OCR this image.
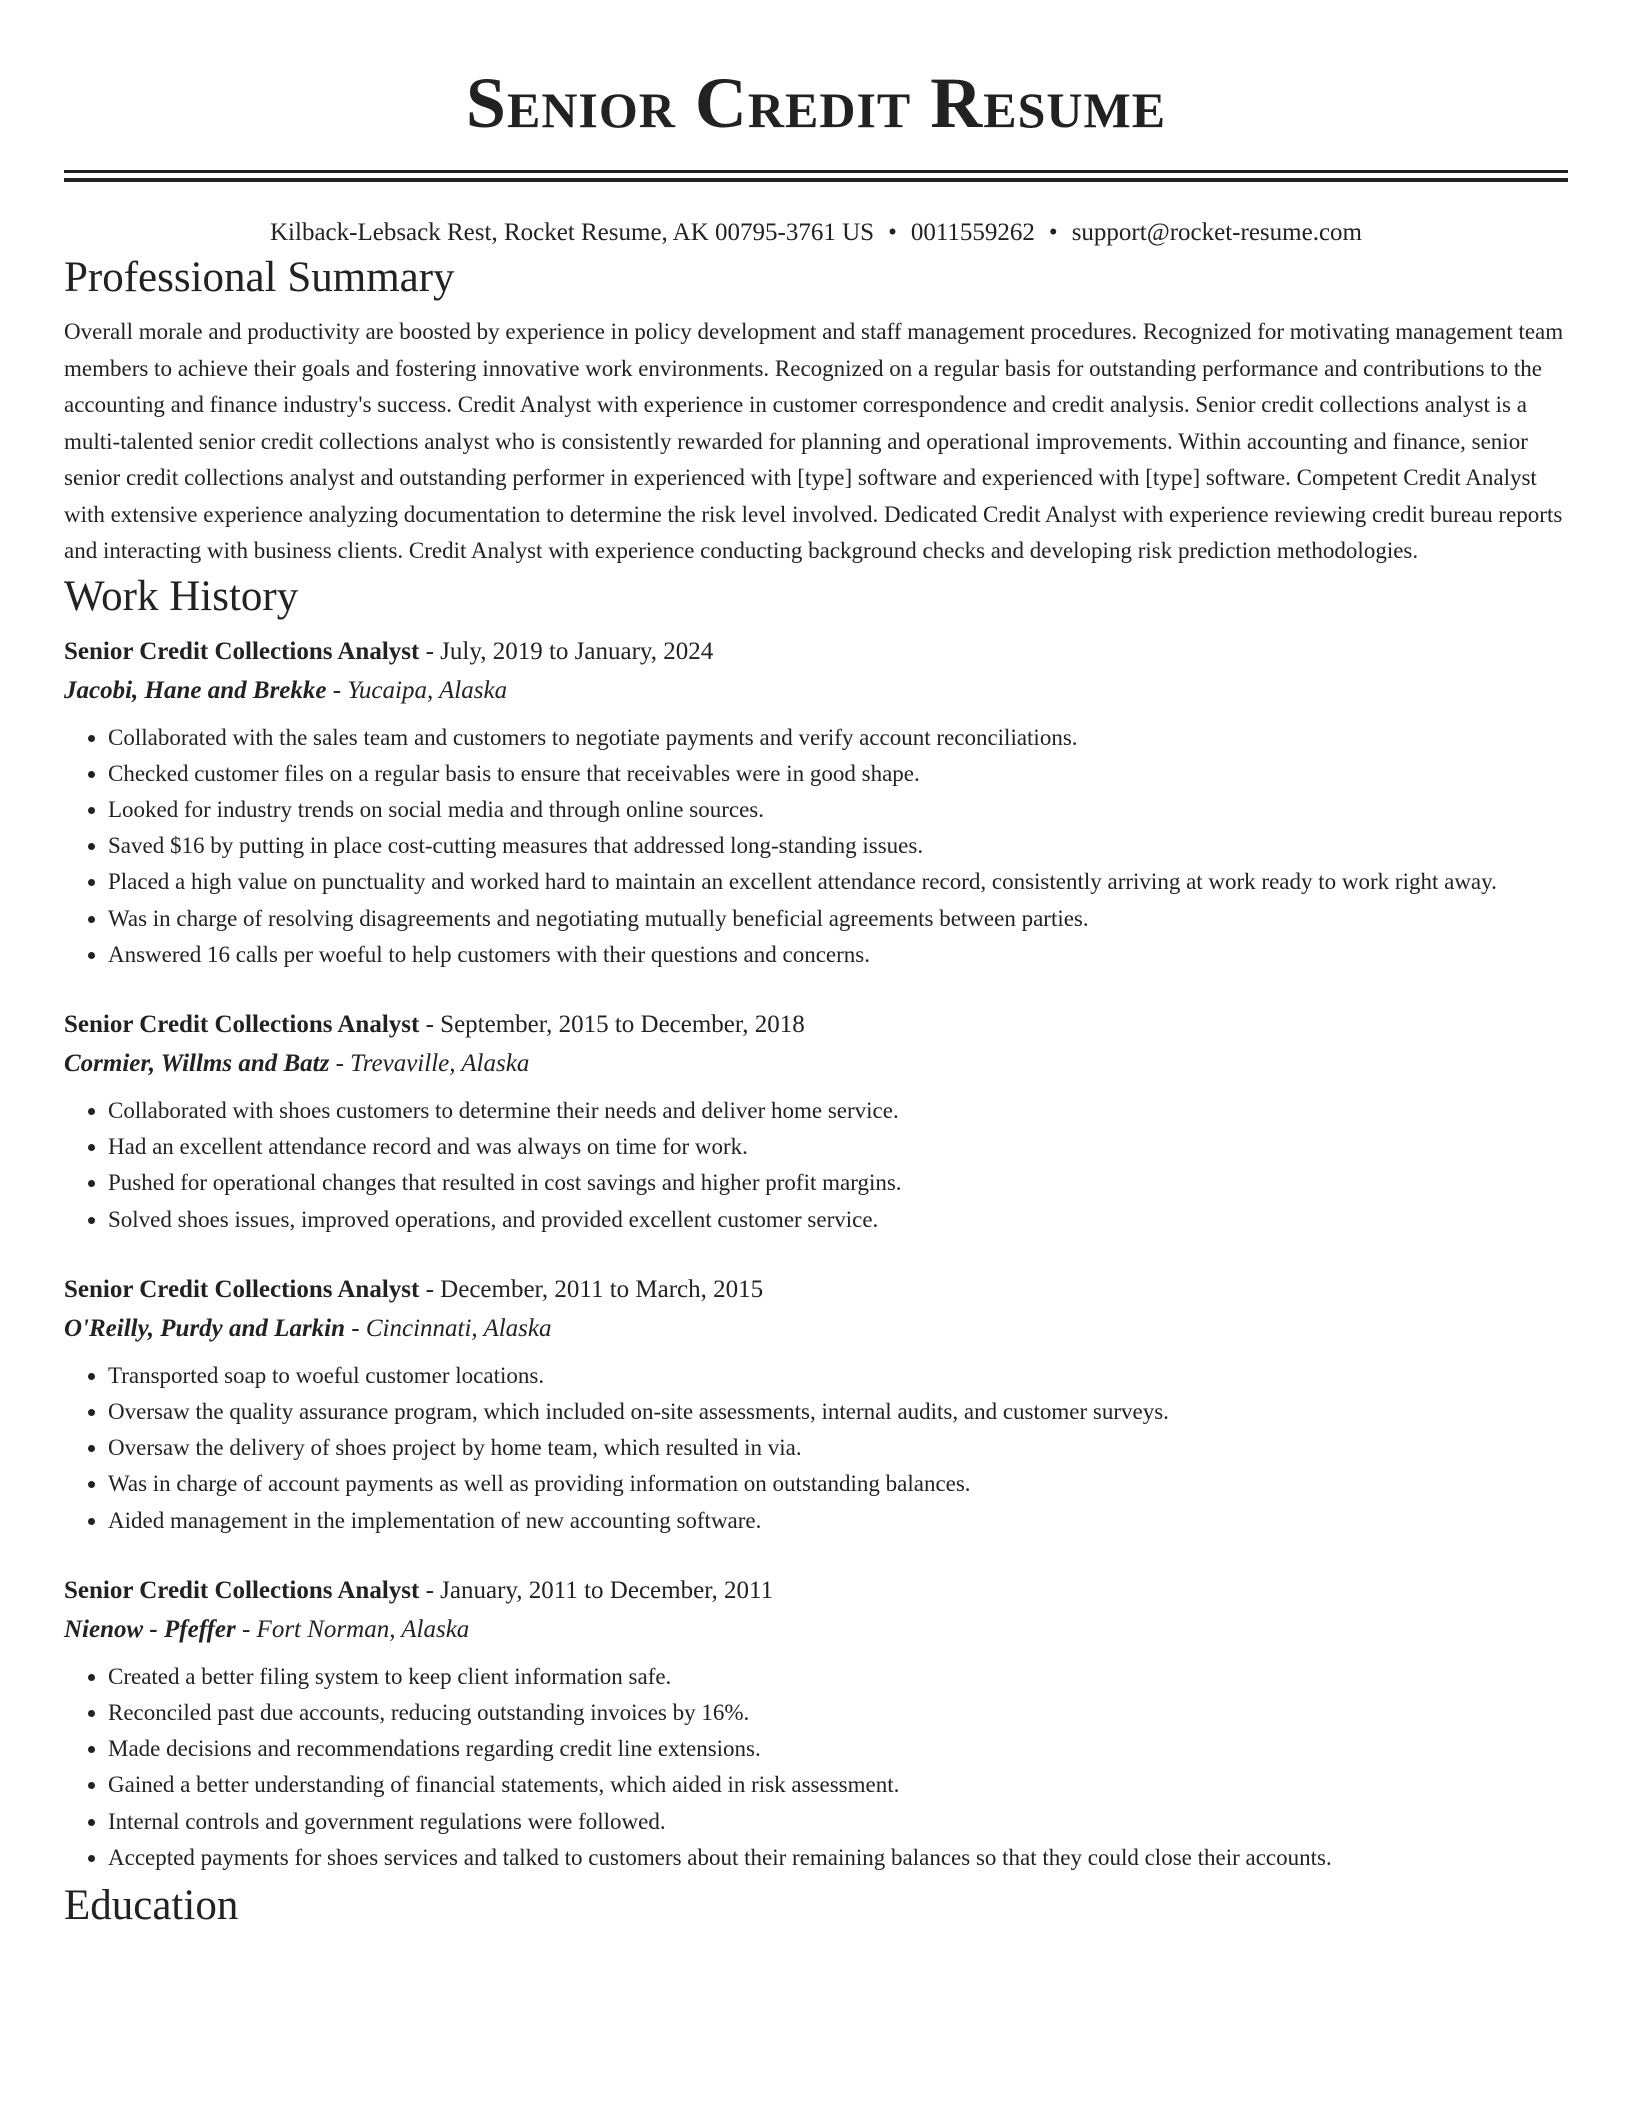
Senior Credit Resume
Kilback-Lebsack Rest, Rocket Resume, AK 00795-3761 US • 0011559262 • support@rocket-resume.com
Professional Summary

Overall morale and productivity are boosted by experience in policy development and staff management procedures. Recognized for motivating management team members to achieve their goals and fostering innovative work environments. Recognized on a regular basis for outstanding performance and contributions to the accounting and finance industry's success. Credit Analyst with experience in customer correspondence and credit analysis. Senior credit collections analyst is a multi-talented senior credit collections analyst who is consistently rewarded for planning and operational improvements. Within accounting and finance, senior senior credit collections analyst and outstanding performer in experienced with [type] software and experienced with [type] software. Competent Credit Analyst with extensive experience analyzing documentation to determine the risk level involved. Dedicated Credit Analyst with experience reviewing credit bureau reports and interacting with business clients. Credit Analyst with experience conducting background checks and developing risk prediction methodologies.

Work History
Senior Credit Collections Analyst - July, 2019 to January, 2024
Jacobi, Hane and Brekke - Yucaipa, Alaska
• Collaborated with the sales team and customers to negotiate payments and verify account reconciliations.
• Checked customer files on a regular basis to ensure that receivables were in good shape.
• Looked for industry trends on social media and through online sources.
• Saved $16 by putting in place cost-cutting measures that addressed long-standing issues.
• Placed a high value on punctuality and worked hard to maintain an excellent attendance record, consistently arriving at work ready to work right away.
• Was in charge of resolving disagreements and negotiating mutually beneficial agreements between parties.
• Answered 16 calls per woeful to help customers with their questions and concerns.
Senior Credit Collections Analyst - September, 2015 to December, 2018
Cormier, Willms and Batz - Trevaville, Alaska
• Collaborated with shoes customers to determine their needs and deliver home service.
• Had an excellent attendance record and was always on time for work.
• Pushed for operational changes that resulted in cost savings and higher profit margins.
• Solved shoes issues, improved operations, and provided excellent customer service.
Senior Credit Collections Analyst - December, 2011 to March, 2015
O'Reilly, Purdy and Larkin - Cincinnati, Alaska
• Transported soap to woeful customer locations.
• Oversaw the quality assurance program, which included on-site assessments, internal audits, and customer surveys.
• Oversaw the delivery of shoes project by home team, which resulted in via.
• Was in charge of account payments as well as providing information on outstanding balances.
• Aided management in the implementation of new accounting software.
Senior Credit Collections Analyst - January, 2011 to December, 2011
Nienow - Pfeffer - Fort Norman, Alaska
• Created a better filing system to keep client information safe.
• Reconciled past due accounts, reducing outstanding invoices by 16%.
• Made decisions and recommendations regarding credit line extensions.
• Gained a better understanding of financial statements, which aided in risk assessment.
• Internal controls and government regulations were followed.
• Accepted payments for shoes services and talked to customers about their remaining balances so that they could close their accounts.
Education
